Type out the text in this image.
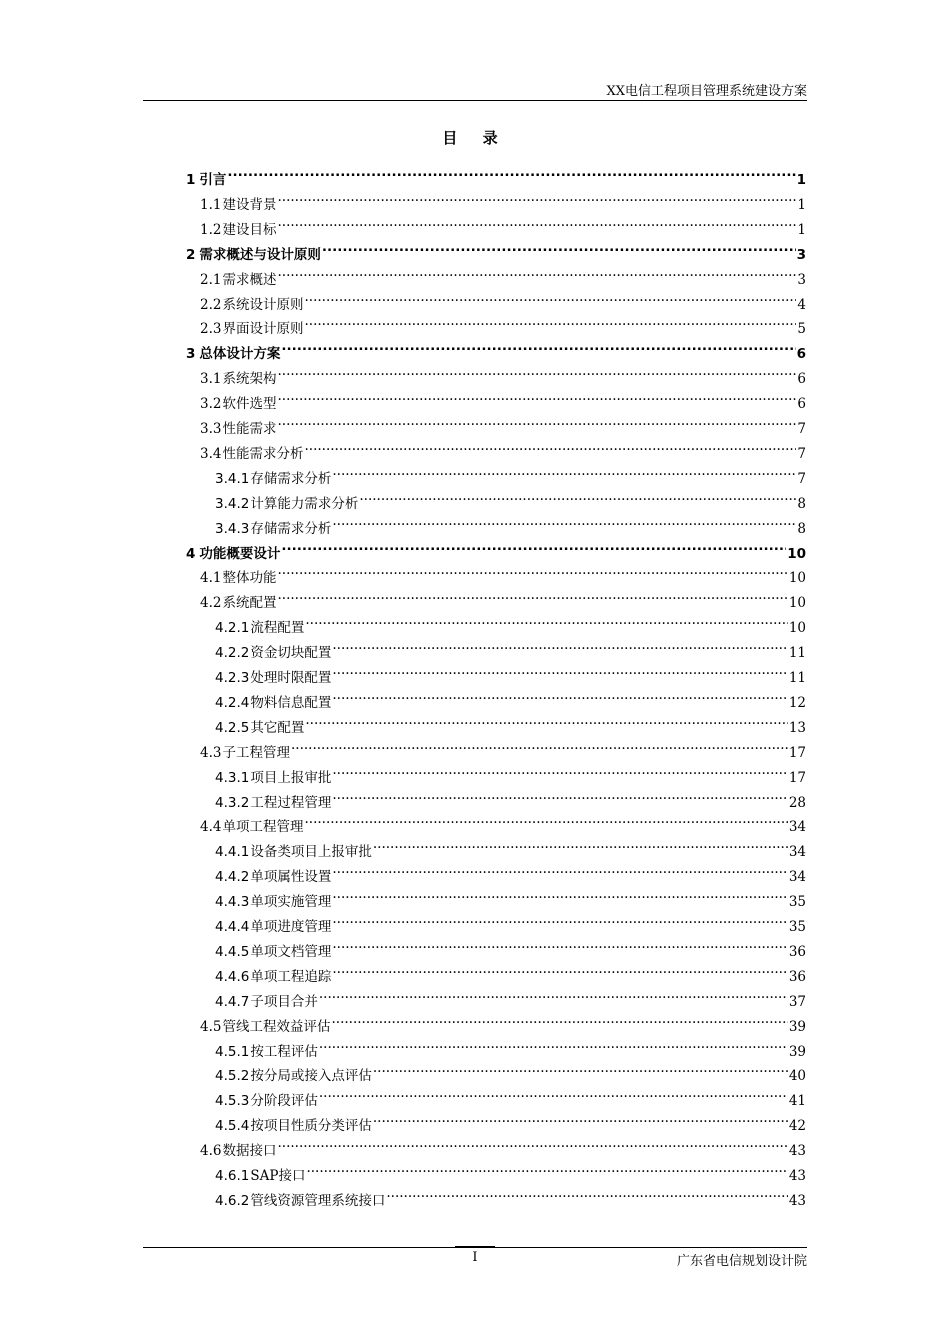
XX电信工程项目管理系统建设方案
目 录
1 引言 .....	1
1.1 建设背景 .....	1
1.2 建设目标 .....	1
2 需求概述与设计原则 .....	3
2.1 需求概述 .....	3
2.2 系统设计原则 .....	4
2.3 界面设计原则 .....	5
3 总体设计方案 .....	6
3.1 系统架构 .....	6
3.2 软件选型 .....	6
3.3 性能需求 .....	7
3.4 性能需求分析 .....	7
3.4.1 存储需求分析 .....	7
3.4.2 计算能力需求分析 .....	8
3.4.3 存储需求分析 .....	8
4 功能概要设计 .....	10
4.1 整体功能 .....	10
4.2 系统配置 .....	10
4.2.1 流程配置 .....	10
4.2.2 资金切块配置 .....	11
4.2.3 处理时限配置 .....	11
4.2.4 物料信息配置 .....	12
4.2.5 其它配置 .....	13
4.3 子工程管理 .....	17
4.3.1 项目上报审批 .....	17
4.3.2 工程过程管理 .....	28
4.4 单项工程管理 .....	34
4.4.1 设备类项目上报审批 .....	34
4.4.2 单项属性设置 .....	34
4.4.3 单项实施管理 .....	35
4.4.4 单项进度管理 .....	35
4.4.5 单项文档管理 .....	36
4.4.6 单项工程追踪 .....	36
4.4.7 子项目合并 .....	37
4.5 管线工程效益评估 .....	39
4.5.1 按工程评估 .....	39
4.5.2 按分局或接入点评估 .....	40
4.5.3 分阶段评估 .....	41
4.5.4 按项目性质分类评估 .....	42
4.6 数据接口 .....	43
4.6.1 SAP接口 .....	43
4.6.2 管线资源管理系统接口 .....	43
I	广东省电信规划设计院
